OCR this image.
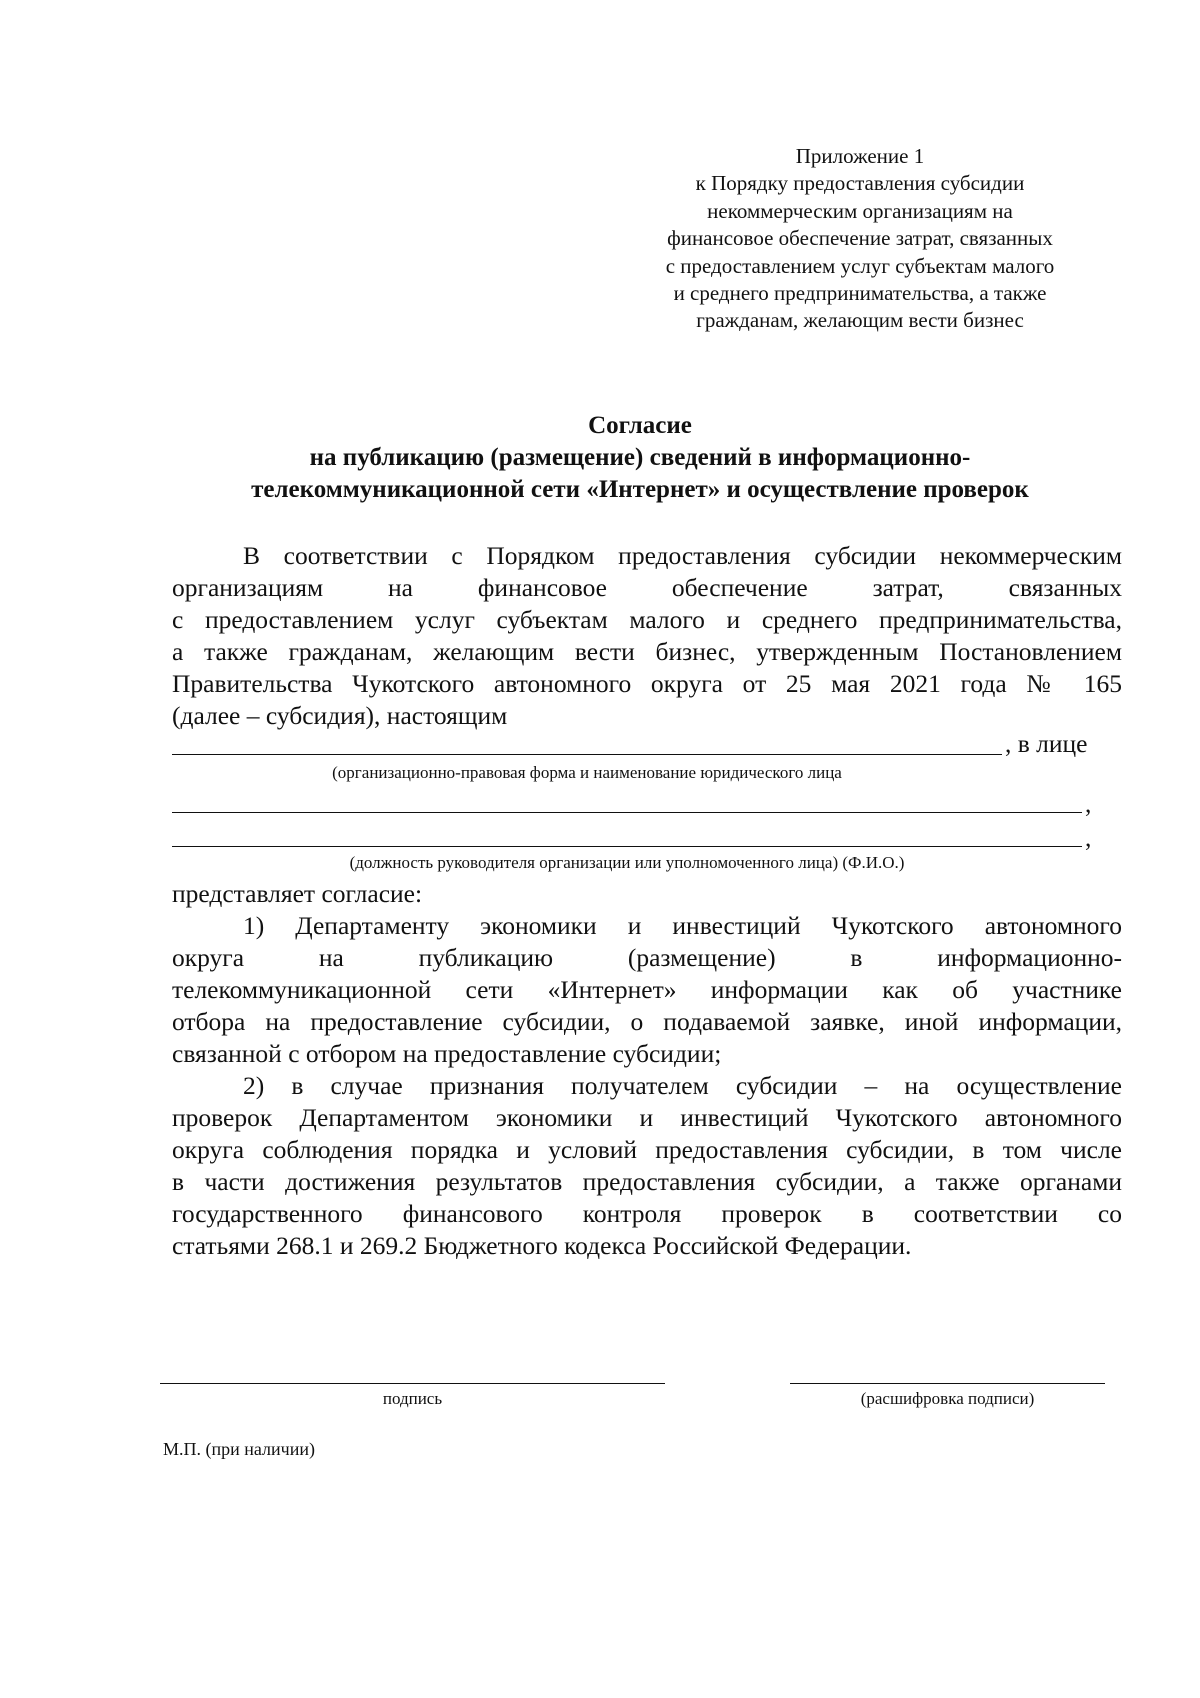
Приложение 1
к Порядку предоставления субсидии
некоммерческим организациям на
финансовое обеспечение затрат, связанных
с предоставлением услуг субъектам малого
и среднего предпринимательства, а также
гражданам, желающим вести бизнес
Согласие
на публикацию (размещение) сведений в информационно-
телекоммуникационной сети «Интернет» и осуществление проверок
В соответствии с Порядком предоставления субсидии некоммерческим
организациям на финансовое обеспечение затрат, связанных
с предоставлением услуг субъектам малого и среднего предпринимательства,
а также гражданам, желающим вести бизнес, утвержденным Постановлением
Правительства Чукотского автономного округа от 25 мая 2021 года № 165
(далее – субсидия), настоящим
, в лице
(организационно-правовая форма и наименование юридического лица
,
,
(должность руководителя организации или уполномоченного лица) (Ф.И.О.)
представляет согласие:
1) Департаменту экономики и инвестиций Чукотского автономного
округа на публикацию (размещение) в информационно-
телекоммуникационной сети «Интернет» информации как об участнике
отбора на предоставление субсидии, о подаваемой заявке, иной информации,
связанной с отбором на предоставление субсидии;
2) в случае признания получателем субсидии – на осуществление
проверок Департаментом экономики и инвестиций Чукотского автономного
округа соблюдения порядка и условий предоставления субсидии, в том числе
в части достижения результатов предоставления субсидии, а также органами
государственного финансового контроля проверок в соответствии со
статьями 268.1 и 269.2 Бюджетного кодекса Российской Федерации.
подпись	(расшифровка подписи)
М.П. (при наличии)
